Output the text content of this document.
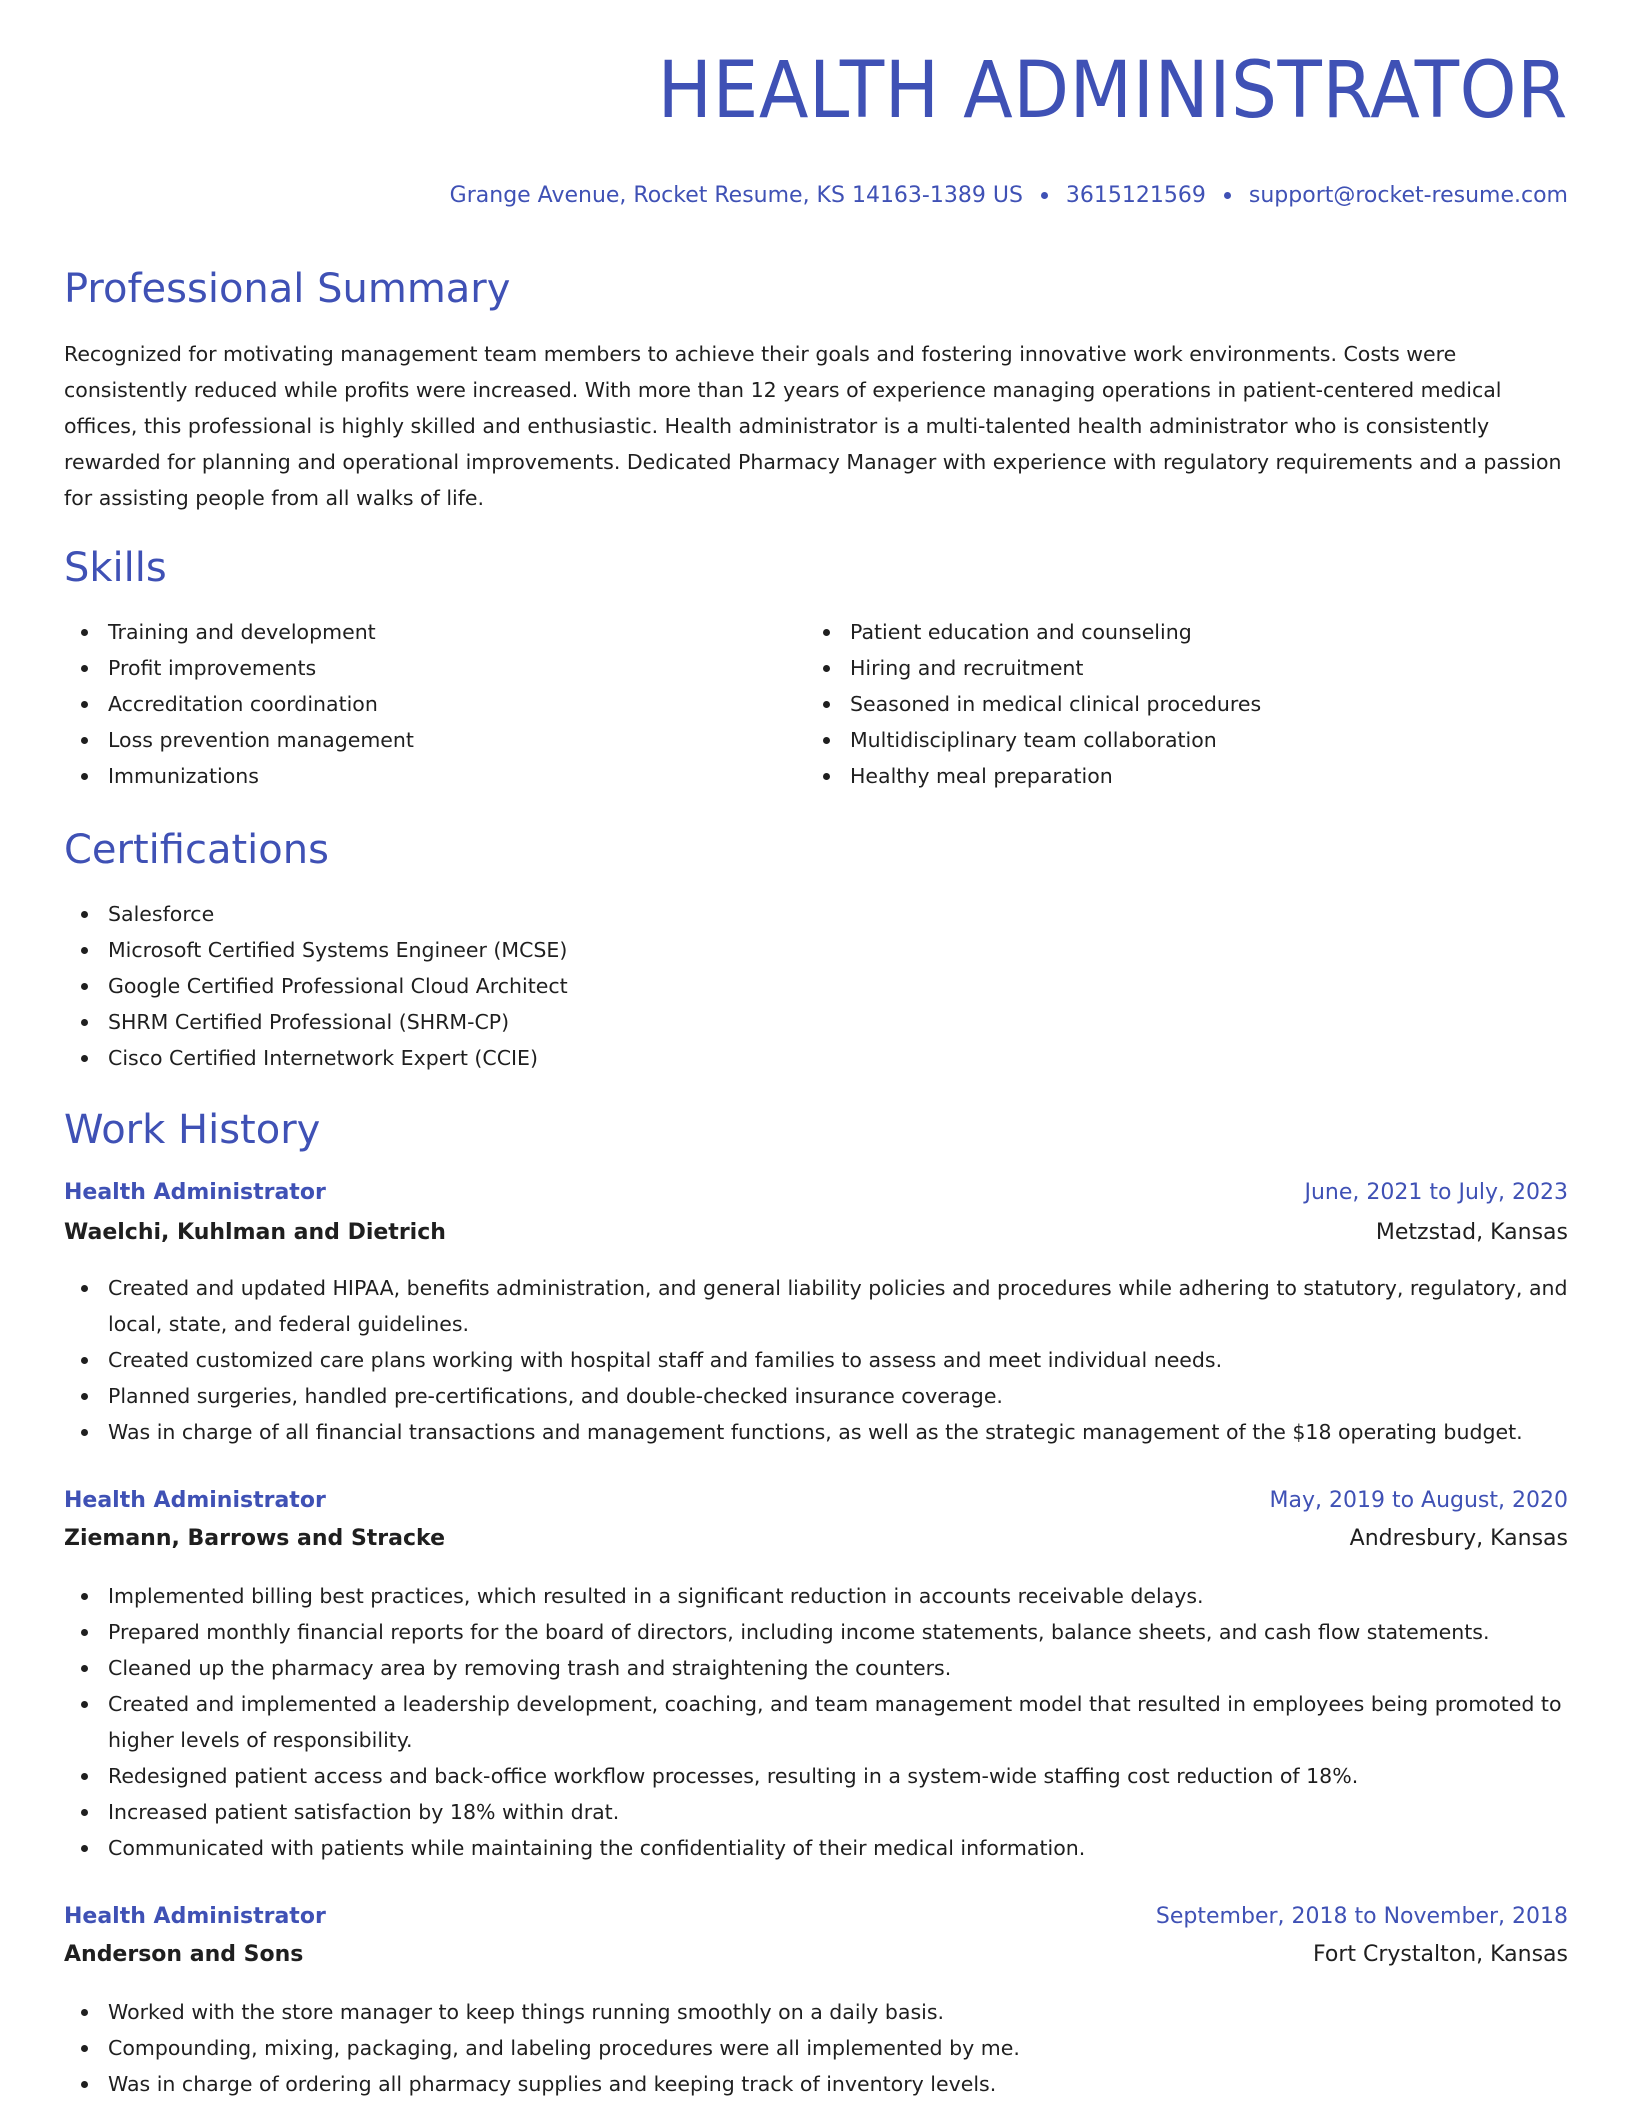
HEALTH ADMINISTRATOR
Grange Avenue, Rocket Resume, KS 14163-1389 US 3615121569 support@rocket-resume.com
Professional Summary

Recognized for motivating management team members to achieve their goals and fostering innovative work environments. Costs were consistently reduced while profits were increased. With more than 12 years of experience managing operations in patient-centered medical offices, this professional is highly skilled and enthusiastic. Health administrator is a multi-talented health administrator who is consistently rewarded for planning and operational improvements. Dedicated Pharmacy Manager with experience with regulatory requirements and a passion for assisting people from all walks of life.

Skills
Training and development
Profit improvements
Accreditation coordination
Loss prevention management
Immunizations
Patient education and counseling
Hiring and recruitment
Seasoned in medical clinical procedures
Multidisciplinary team collaboration
Healthy meal preparation
Certifications
Salesforce
Microsoft Certified Systems Engineer (MCSE)
Google Certified Professional Cloud Architect
SHRM Certified Professional (SHRM-CP)
Cisco Certified Internetwork Expert (CCIE)
Work History
Health Administrator	June, 2021 to July, 2023
Waelchi, Kuhlman and Dietrich	Metzstad, Kansas
Created and updated HIPAA, benefits administration, and general liability policies and procedures while adhering to statutory, regulatory, and local, state, and federal guidelines.
Created customized care plans working with hospital staff and families to assess and meet individual needs.
Planned surgeries, handled pre-certifications, and double-checked insurance coverage.
Was in charge of all financial transactions and management functions, as well as the strategic management of the $18 operating budget.
Health Administrator	May, 2019 to August, 2020
Ziemann, Barrows and Stracke	Andresbury, Kansas
Implemented billing best practices, which resulted in a significant reduction in accounts receivable delays.
Prepared monthly financial reports for the board of directors, including income statements, balance sheets, and cash flow statements.
Cleaned up the pharmacy area by removing trash and straightening the counters.
Created and implemented a leadership development, coaching, and team management model that resulted in employees being promoted to higher levels of responsibility.
Redesigned patient access and back-office workflow processes, resulting in a system-wide staffing cost reduction of 18%.
Increased patient satisfaction by 18% within drat.
Communicated with patients while maintaining the confidentiality of their medical information.
Health Administrator	September, 2018 to November, 2018
Anderson and Sons	Fort Crystalton, Kansas
Worked with the store manager to keep things running smoothly on a daily basis.
Compounding, mixing, packaging, and labeling procedures were all implemented by me.
Was in charge of ordering all pharmacy supplies and keeping track of inventory levels.
